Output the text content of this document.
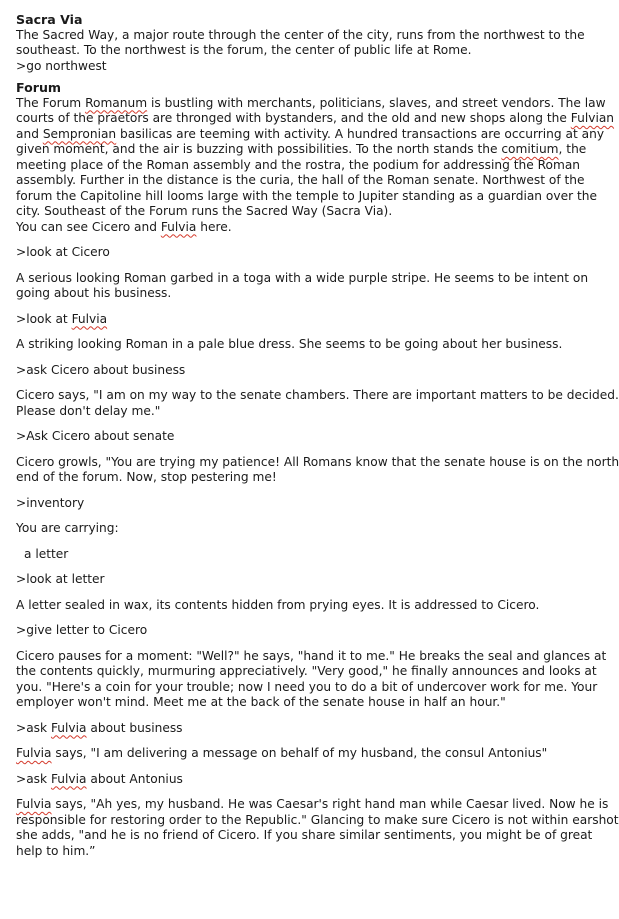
Sacra Via
The Sacred Way, a major route through the center of the city, runs from the northwest to the
southeast. To the northwest is the forum, the center of public life at Rome.
>go northwest
Forum
The Forum Romanum is bustling with merchants, politicians, slaves, and street vendors. The law
courts of the praetors are thronged with bystanders, and the old and new shops along the Fulvian
and Sempronian basilicas are teeming with activity. A hundred transactions are occurring at any
given moment, and the air is buzzing with possibilities. To the north stands the comitium, the
meeting place of the Roman assembly and the rostra, the podium for addressing the Roman
assembly. Further in the distance is the curia, the hall of the Roman senate. Northwest of the
forum the Capitoline hill looms large with the temple to Jupiter standing as a guardian over the
city. Southeast of the Forum runs the Sacred Way (Sacra Via).
You can see Cicero and Fulvia here.
>look at Cicero
A serious looking Roman garbed in a toga with a wide purple stripe. He seems to be intent on
going about his business.
>look at Fulvia
A striking looking Roman in a pale blue dress. She seems to be going about her business.
>ask Cicero about business
Cicero says, "I am on my way to the senate chambers. There are important matters to be decided.
Please don't delay me."
>Ask Cicero about senate
Cicero growls, "You are trying my patience! All Romans know that the senate house is on the north
end of the forum. Now, stop pestering me!
>inventory
You are carrying:
a letter
>look at letter
A letter sealed in wax, its contents hidden from prying eyes. It is addressed to Cicero.
>give letter to Cicero
Cicero pauses for a moment: "Well?" he says, "hand it to me." He breaks the seal and glances at
the contents quickly, murmuring appreciatively. "Very good," he finally announces and looks at
you. "Here's a coin for your trouble; now I need you to do a bit of undercover work for me. Your
employer won't mind. Meet me at the back of the senate house in half an hour."
>ask Fulvia about business
Fulvia says, "I am delivering a message on behalf of my husband, the consul Antonius"
>ask Fulvia about Antonius
Fulvia says, "Ah yes, my husband. He was Caesar's right hand man while Caesar lived. Now he is
responsible for restoring order to the Republic." Glancing to make sure Cicero is not within earshot
she adds, "and he is no friend of Cicero. If you share similar sentiments, you might be of great
help to him.”
